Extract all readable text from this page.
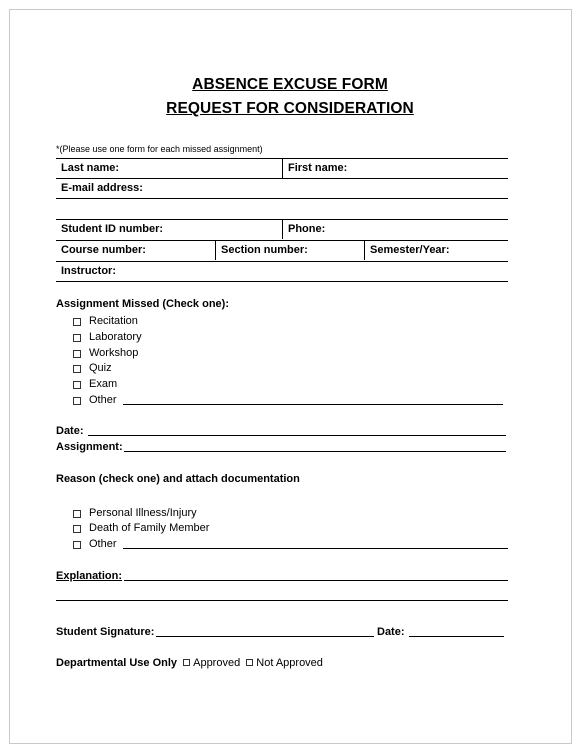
ABSENCE EXCUSE FORM
REQUEST FOR CONSIDERATION
*(Please use one form for each missed assignment)
Last name:	First name:
E-mail address:
Student ID number:	Phone:
Course number:	Section number:	Semester/Year:
Instructor:
Assignment Missed (Check one):
Recitation
Laboratory
Workshop
Quiz
Exam
Other
Date:
Assignment:
Reason (check one) and attach documentation
Personal Illness/Injury
Death of Family Member
Other
Explanation:
Student Signature:	Date:
Departmental Use Only Approved Not Approved
